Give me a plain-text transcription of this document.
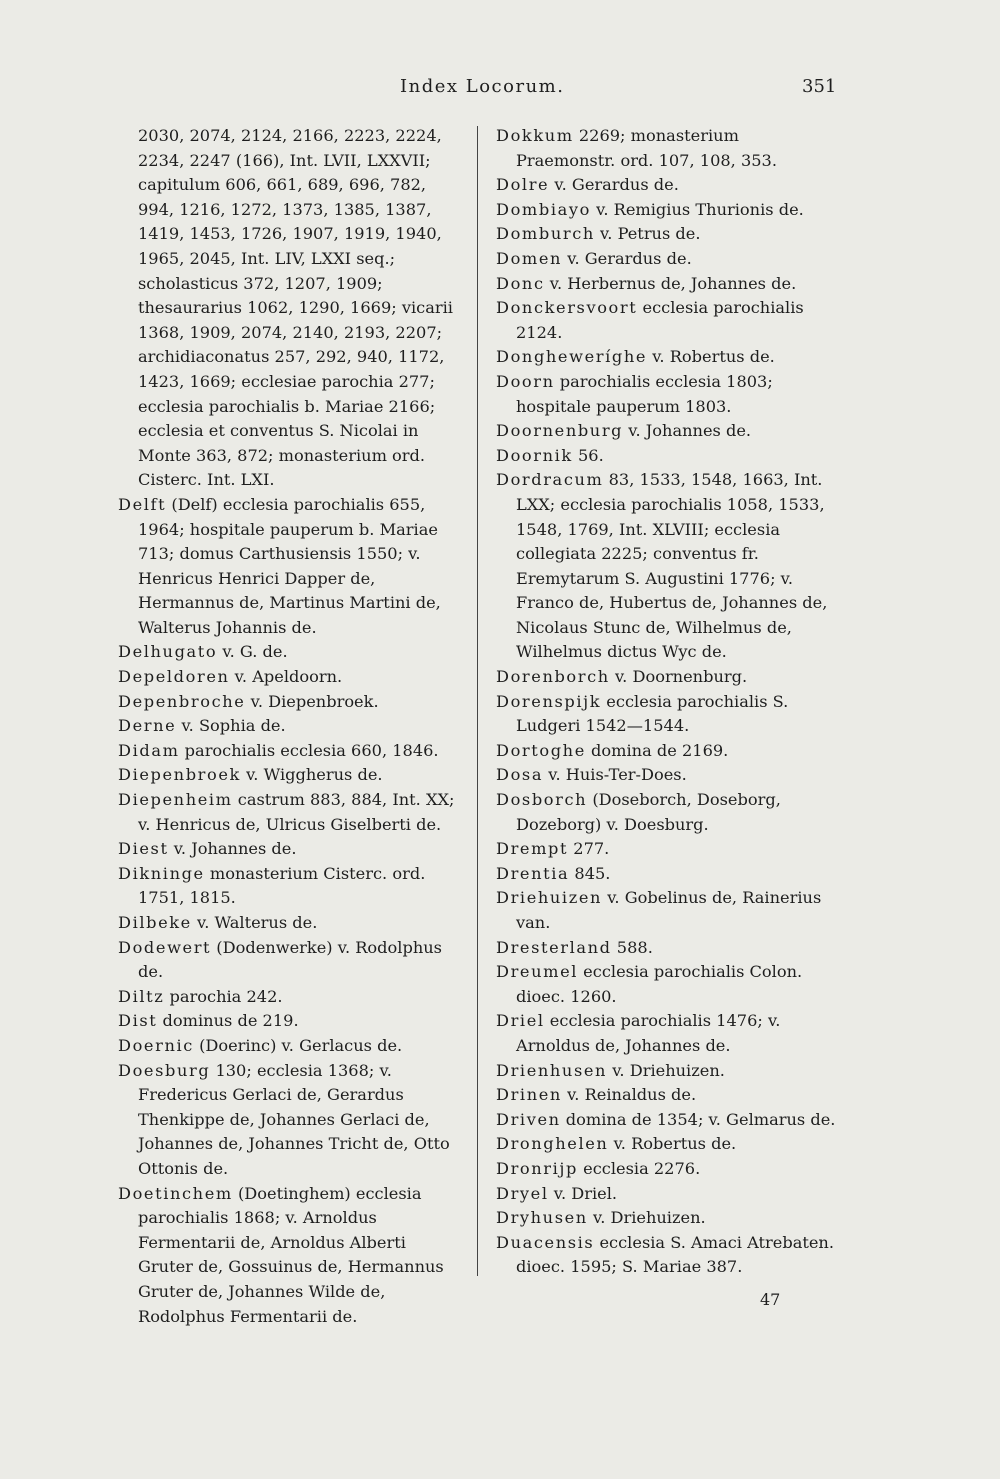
Index Locorum.	351
2030, 2074, 2124, 2166, 2223, 2224, 2234, 2247 (166), Int. LVII, LXXVII; capitulum 606, 661, 689, 696, 782, 994, 1216, 1272, 1373, 1385, 1387, 1419, 1453, 1726, 1907, 1919, 1940, 1965, 2045, Int. LIV, LXXI seq.; scholasticus 372, 1207, 1909; thesaurarius 1062, 1290, 1669; vicarii 1368, 1909, 2074, 2140, 2193, 2207; archidiaconatus 257, 292, 940, 1172, 1423, 1669; ecclesiae parochia 277; ecclesia parochialis b. Mariae 2166; ecclesia et conventus S. Nicolai in Monte 363, 872; monasterium ord. Cisterc. Int. LXI.
Delft (Delf) ecclesia parochialis 655, 1964; hospitale pauperum b. Mariae 713; domus Carthusiensis 1550; v. Henricus Henrici Dapper de, Hermannus de, Martinus Martini de, Walterus Johannis de.
Delhugato v. G. de.
Depeldoren v. Apeldoorn.
Depenbroche v. Diepenbroek.
Derne v. Sophia de.
Didam parochialis ecclesia 660, 1846.
Diepenbroek v. Wiggherus de.
Diepenheim castrum 883, 884, Int. XX; v. Henricus de, Ulricus Giselberti de.
Diest v. Johannes de.
Dikninge monasterium Cisterc. ord. 1751, 1815.
Dilbeke v. Walterus de.
Dodewert (Dodenwerke) v. Rodolphus de.
Diltz parochia 242.
Dist dominus de 219.
Doernic (Doerinc) v. Gerlacus de.
Doesburg 130; ecclesia 1368; v. Fredericus Gerlaci de, Gerardus Thenkippe de, Johannes Gerlaci de, Johannes de, Johannes Tricht de, Otto Ottonis de.
Doetinchem (Doetinghem) ecclesia parochialis 1868; v. Arnoldus Fermentarii de, Arnoldus Alberti Gruter de, Gossuinus de, Hermannus Gruter de, Johannes Wilde de, Rodolphus Fermentarii de.
Dokkum 2269; monasterium Praemonstr. ord. 107, 108, 353.
Dolre v. Gerardus de.
Dombiayo v. Remigius Thurionis de.
Domburch v. Petrus de.
Domen v. Gerardus de.
Donc v. Herbernus de, Johannes de.
Donckersvoort ecclesia parochialis 2124.
Dongheweríghe v. Robertus de.
Doorn parochialis ecclesia 1803; hospitale pauperum 1803.
Doornenburg v. Johannes de.
Doornik 56.
Dordracum 83, 1533, 1548, 1663, Int. LXX; ecclesia parochialis 1058, 1533, 1548, 1769, Int. XLVIII; ecclesia collegiata 2225; conventus fr. Eremytarum S. Augustini 1776; v. Franco de, Hubertus de, Johannes de, Nicolaus Stunc de, Wilhelmus de, Wilhelmus dictus Wyc de.
Dorenborch v. Doornenburg.
Dorenspijk ecclesia parochialis S. Ludgeri 1542—1544.
Dortoghe domina de 2169.
Dosa v. Huis-Ter-Does.
Dosborch (Doseborch, Doseborg, Dozeborg) v. Doesburg.
Drempt 277.
Drentia 845.
Driehuizen v. Gobelinus de, Rainerius van.
Dresterland 588.
Dreumel ecclesia parochialis Colon. dioec. 1260.
Driel ecclesia parochialis 1476; v. Arnoldus de, Johannes de.
Drienhusen v. Driehuizen.
Drinen v. Reinaldus de.
Driven domina de 1354; v. Gelmarus de.
Dronghelen v. Robertus de.
Dronrijp ecclesia 2276.
Dryel v. Driel.
Dryhusen v. Driehuizen.
Duacensis ecclesia S. Amaci Atrebaten. dioec. 1595; S. Mariae 387.
47
